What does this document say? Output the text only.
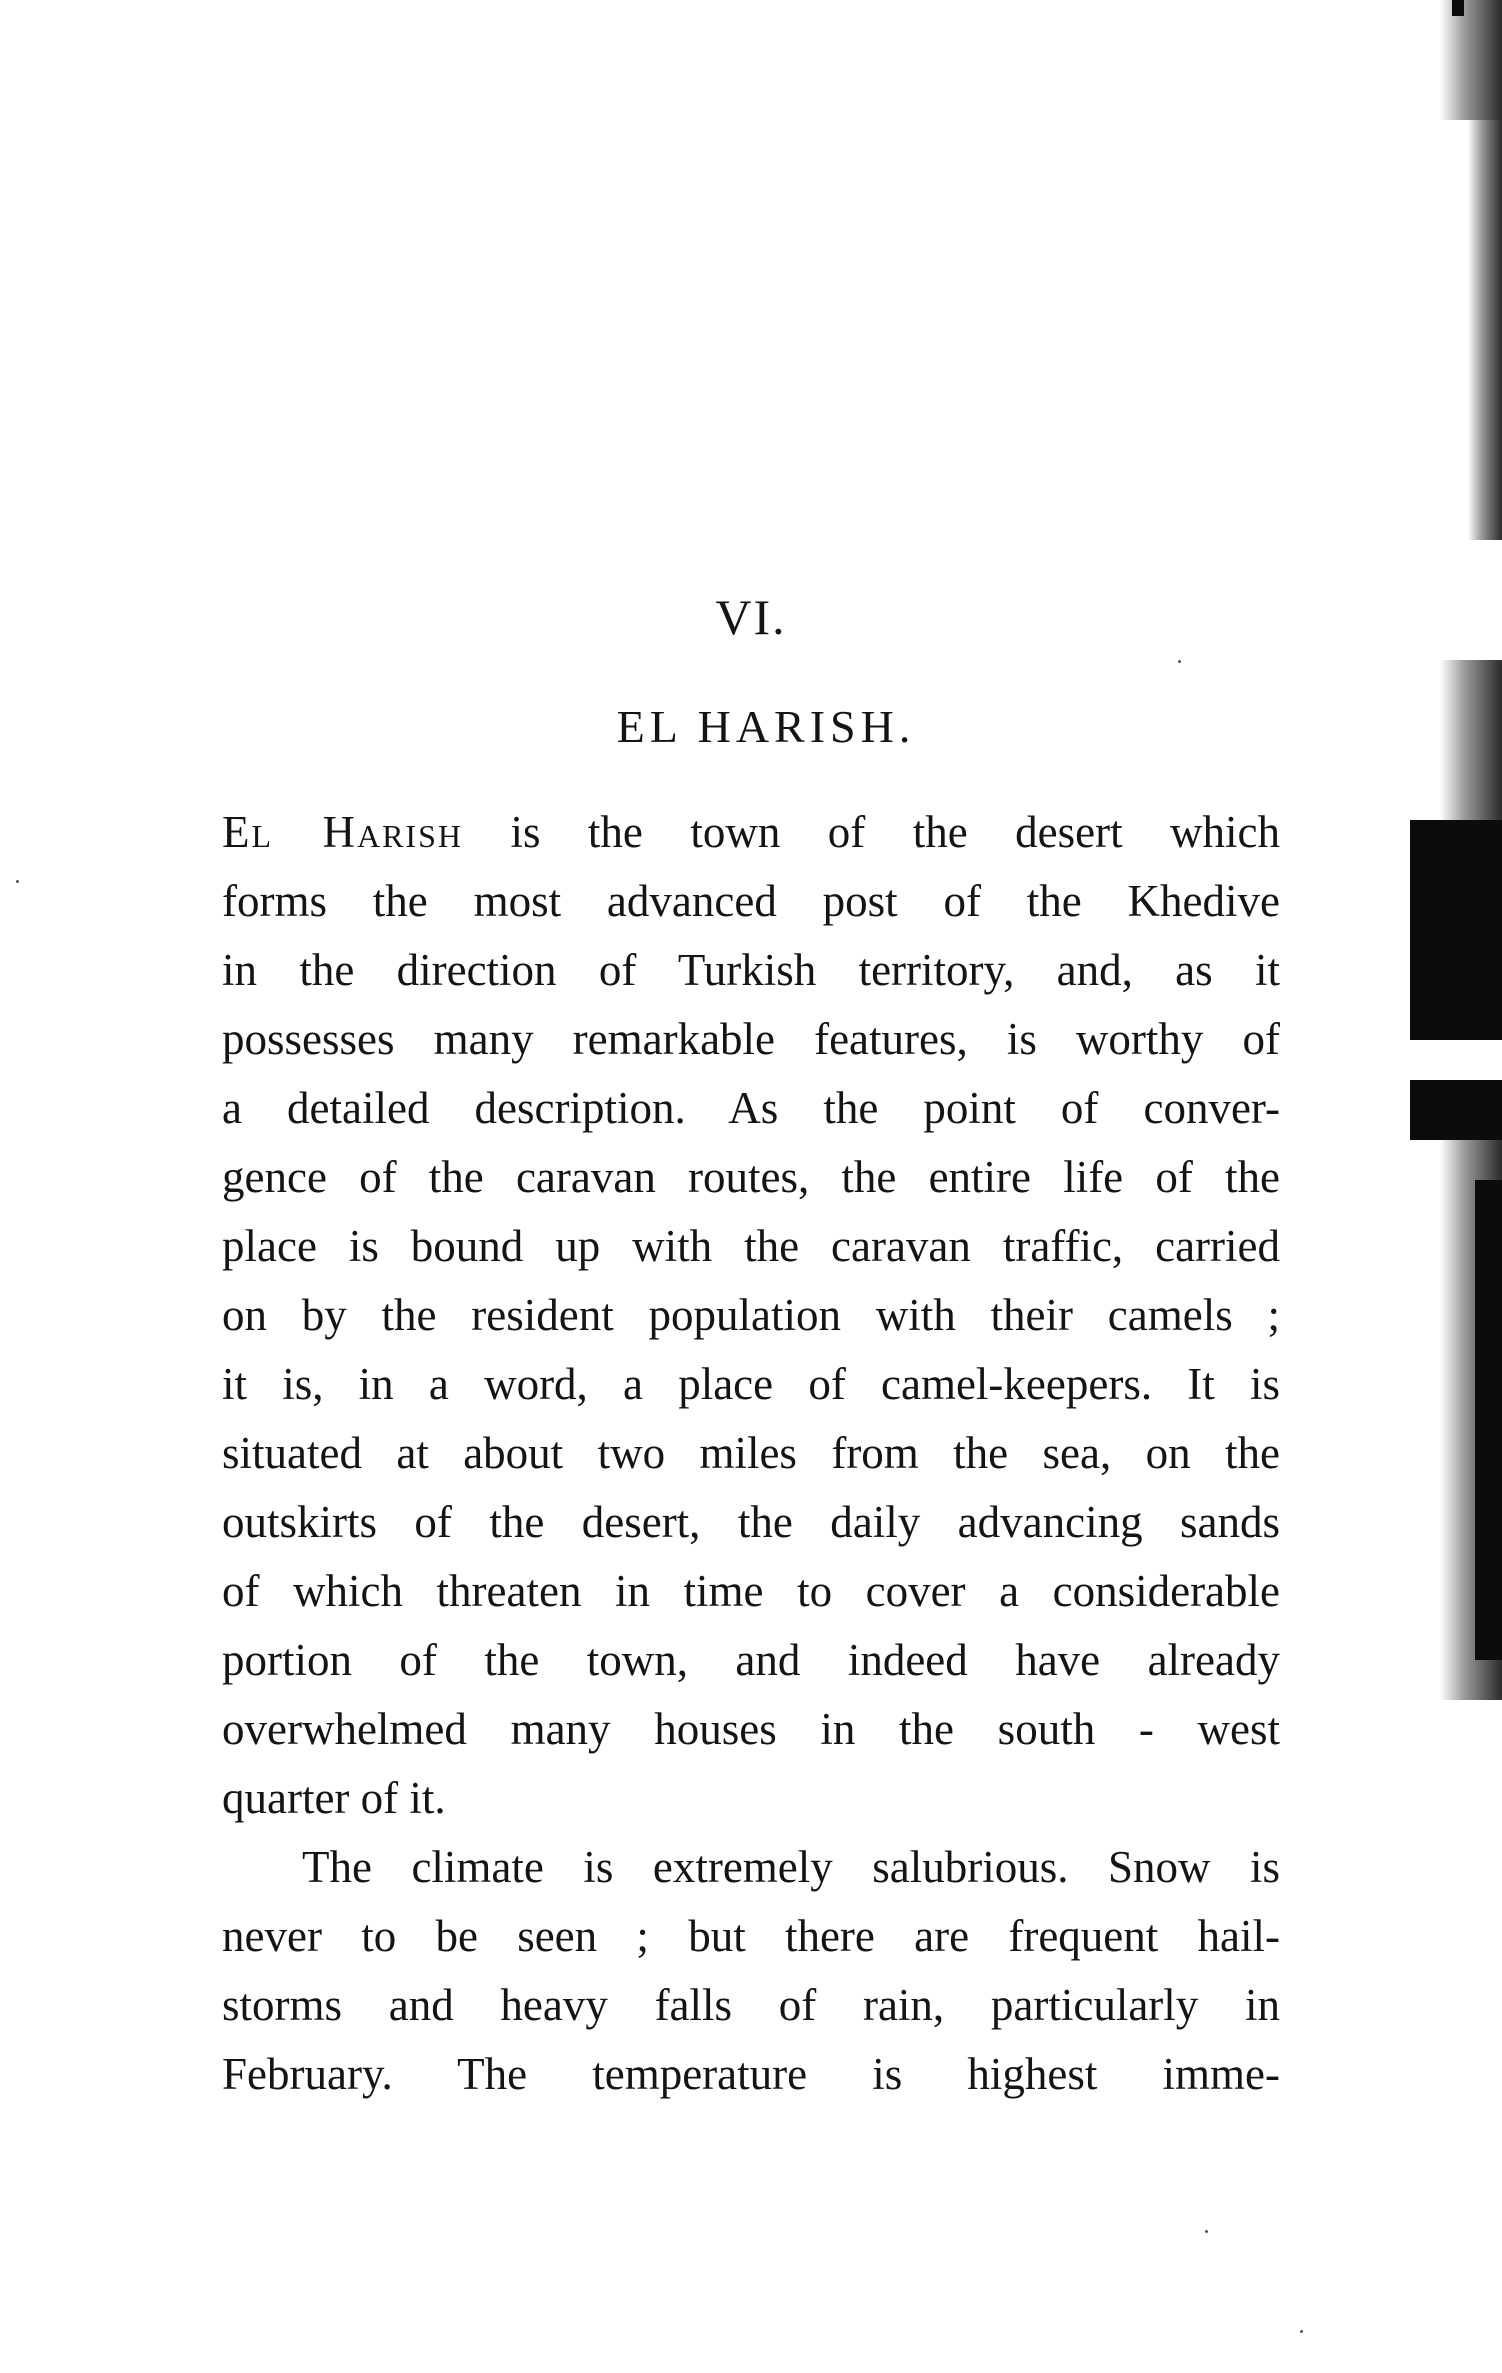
VI.
EL HARISH.
El Harish is the town of the desert which
forms the most advanced post of the Khedive
in the direction of Turkish territory, and, as it
possesses many remarkable features, is worthy of
a detailed description. As the point of conver-
gence of the caravan routes, the entire life of the
place is bound up with the caravan traffic, carried
on by the resident population with their camels ;
it is, in a word, a place of camel-keepers. It is
situated at about two miles from the sea, on the
outskirts of the desert, the daily advancing sands
of which threaten in time to cover a considerable
portion of the town, and indeed have already
overwhelmed many houses in the south - west
quarter of it.
The climate is extremely salubrious. Snow is
never to be seen ; but there are frequent hail-
storms and heavy falls of rain, particularly in
February. The temperature is highest imme-
